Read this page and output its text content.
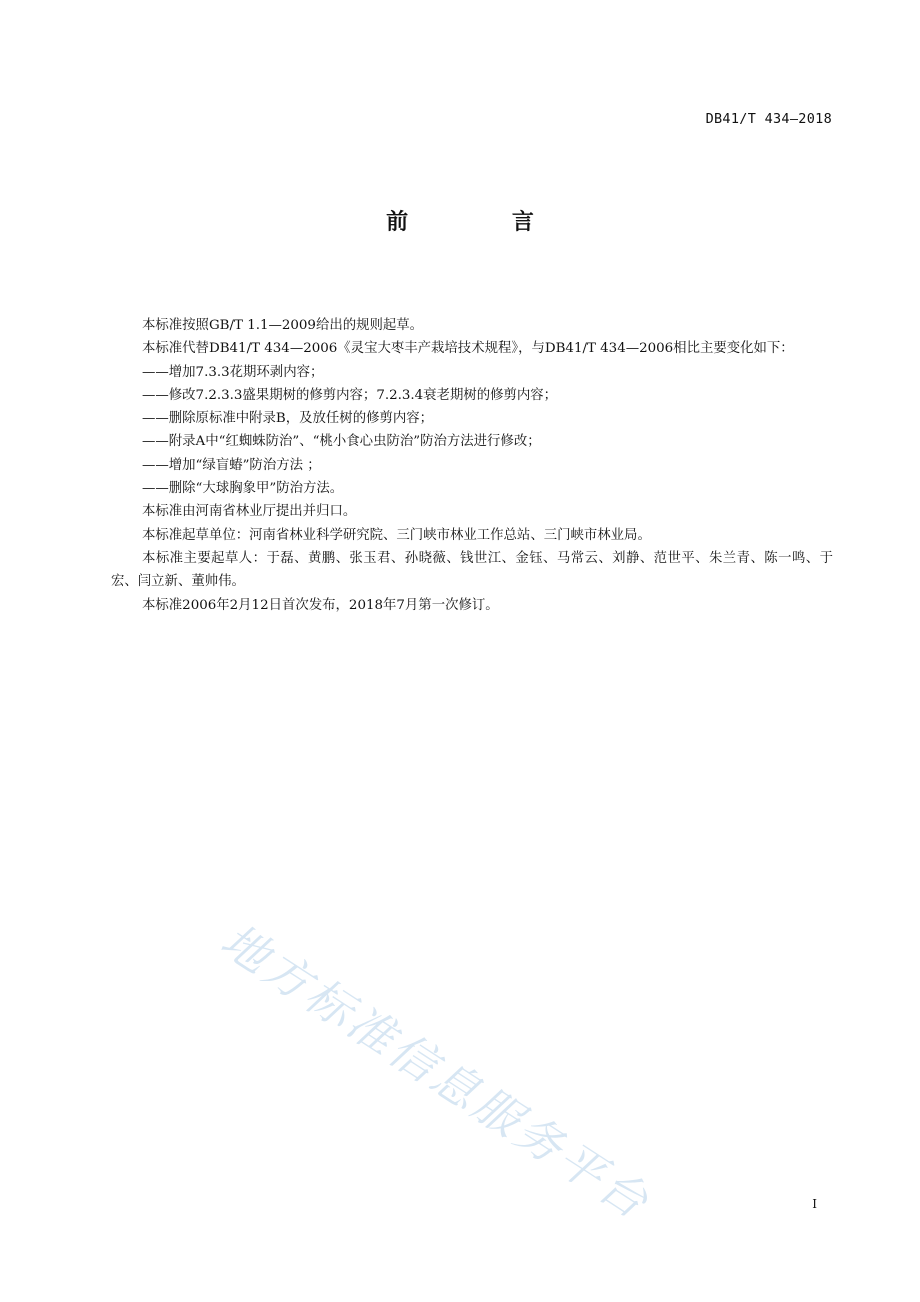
DB41/T 434—2018
前 言

本标准按照GB/T 1.1—2009给出的规则起草。

本标准代替DB41/T 434—2006《灵宝大枣丰产栽培技术规程》，与DB41/T 434—2006相比主要变化如下：

——增加7.3.3花期环剥内容；

——修改7.2.3.3盛果期树的修剪内容；7.2.3.4衰老期树的修剪内容；

——删除原标准中附录B，及放任树的修剪内容；

——附录A中“红蜘蛛防治”、“桃小食心虫防治”防治方法进行修改；

——增加“绿盲蝽”防治方法 ；

——删除“大球胸象甲”防治方法。

本标准由河南省林业厅提出并归口。

本标准起草单位：河南省林业科学研究院、三门峡市林业工作总站、三门峡市林业局。

本标准主要起草人：于磊、黄鹏、张玉君、孙晓薇、钱世江、金钰、马常云、刘静、范世平、朱兰青、陈一鸣、于宏、闫立新、董帅伟。

本标准2006年2月12日首次发布，2018年7月第一次修订。

地方标准信息服务平台	I
